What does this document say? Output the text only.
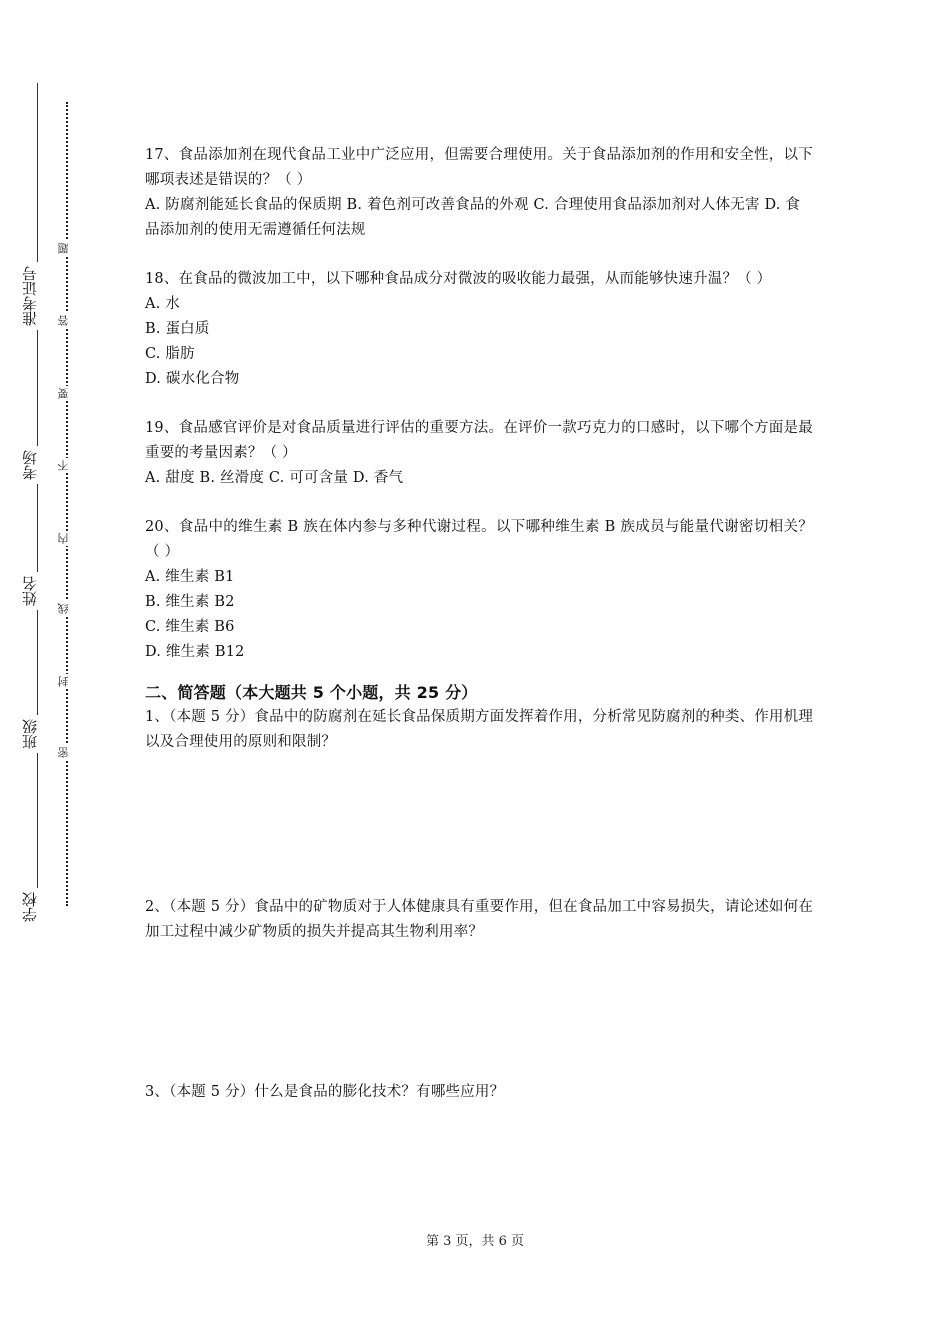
准考证号
考场
姓名
班级
学校
题
答
要
不
内
线
封
密

17、食品添加剂在现代食品工业中广泛应用，但需要合理使用。关于食品添加剂的作用和安全性，以下哪项表述是错误的？（ ）

A. 防腐剂能延长食品的保质期 B. 着色剂可改善食品的外观 C. 合理使用食品添加剂对人体无害 D. 食品添加剂的使用无需遵循任何法规

18、在食品的微波加工中，以下哪种食品成分对微波的吸收能力最强，从而能够快速升温？（ ）

A. 水

B. 蛋白质

C. 脂肪

D. 碳水化合物

19、食品感官评价是对食品质量进行评估的重要方法。在评价一款巧克力的口感时，以下哪个方面是最重要的考量因素？（ ）

A. 甜度 B. 丝滑度 C. 可可含量 D. 香气

20、食品中的维生素 B 族在体内参与多种代谢过程。以下哪种维生素 B 族成员与能量代谢密切相关？（ ）

A. 维生素 B1

B. 维生素 B2

C. 维生素 B6

D. 维生素 B12

二、简答题（本大题共 5 个小题，共 25 分）

1、（本题 5 分）食品中的防腐剂在延长食品保质期方面发挥着作用，分析常见防腐剂的种类、作用机理以及合理使用的原则和限制？

2、（本题 5 分）食品中的矿物质对于人体健康具有重要作用，但在食品加工中容易损失，请论述如何在加工过程中减少矿物质的损失并提高其生物利用率？

3、（本题 5 分）什么是食品的膨化技术？有哪些应用？

第 3 页，共 6 页
